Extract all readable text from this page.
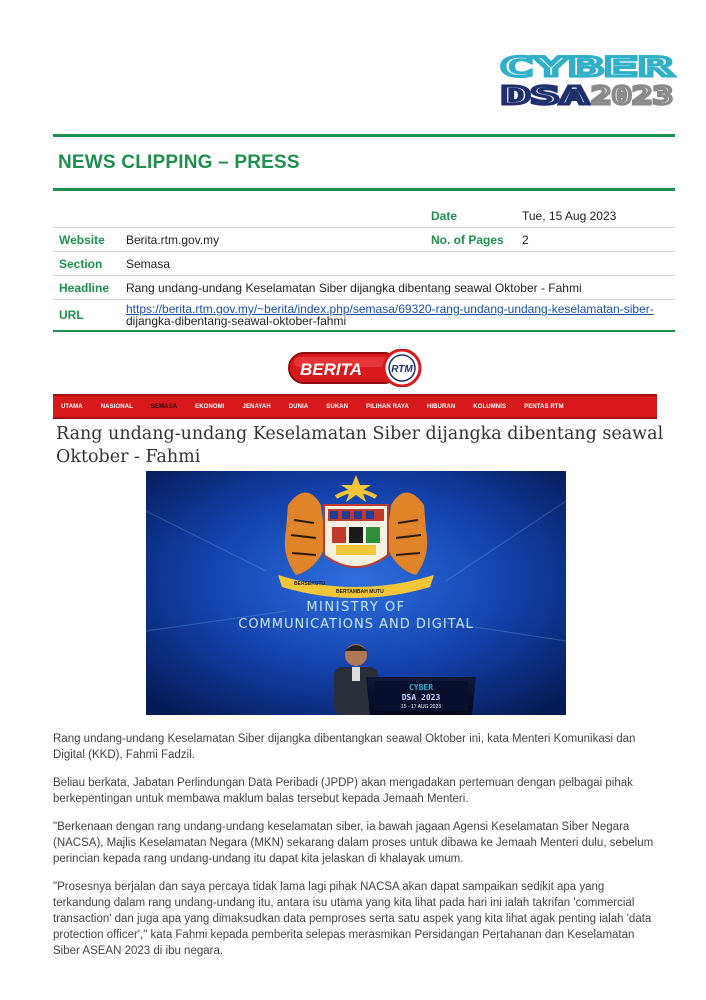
CYBER
DSA 2023
NEWS CLIPPING – PRESS
		Date	Tue, 15 Aug 2023
Website	Berita.rtm.gov.my	No. of Pages	2
Section	Semasa		
Headline	Rang undang-undang Keselamatan Siber dijangka dibentang seawal Oktober - Fahmi		
URL	https://berita.rtm.gov.my/~berita/index.php/semasa/69320-rang-undang-undang-keselamatan-siber-
dijangka-dibentang-seawal-oktober-fahmi		
BERITA	RTM
UTAMA	NASIONAL	SEMASA	EKONOMI	JENAYAH	DUNIA	SUKAN	PILIHAN RAYA	HIBURAN	KOLUMNIS	PENTAS RTM
Rang undang-undang Keselamatan Siber dijangka dibentang seawal Oktober - Fahmi
BERSEKUTU
BERTAMBAH MUTU
MINISTRY OF
COMMUNICATIONS AND DIGITAL
CYBER
DSA 2023
15 - 17 AUG 2023

Rang undang-undang Keselamatan Siber dijangka dibentangkan seawal Oktober ini, kata Menteri Komunikasi dan Digital (KKD), Fahmi Fadzil.

Beliau berkata, Jabatan Perlindungan Data Peribadi (JPDP) akan mengadakan pertemuan dengan pelbagai pihak berkepentingan untuk membawa maklum balas tersebut kepada Jemaah Menteri.

"Berkenaan dengan rang undang-undang keselamatan siber, ia bawah jagaan Agensi Keselamatan Siber Negara (NACSA), Majlis Keselamatan Negara (MKN) sekarang dalam proses untuk dibawa ke Jemaah Menteri dulu, sebelum perincian kepada rang undang-undang itu dapat kita jelaskan di khalayak umum.

"Prosesnya berjalan dan saya percaya tidak lama lagi pihak NACSA akan dapat sampaikan sedikit apa yang terkandung dalam rang undang-undang itu, antara isu utama yang kita lihat pada hari ini ialah takrifan 'commercial transaction' dan juga apa yang dimaksudkan data pemproses serta satu aspek yang kita lihat agak penting ialah 'data protection officer'," kata Fahmi kepada pemberita selepas merasmikan Persidangan Pertahanan dan Keselamatan Siber ASEAN 2023 di ibu negara.
